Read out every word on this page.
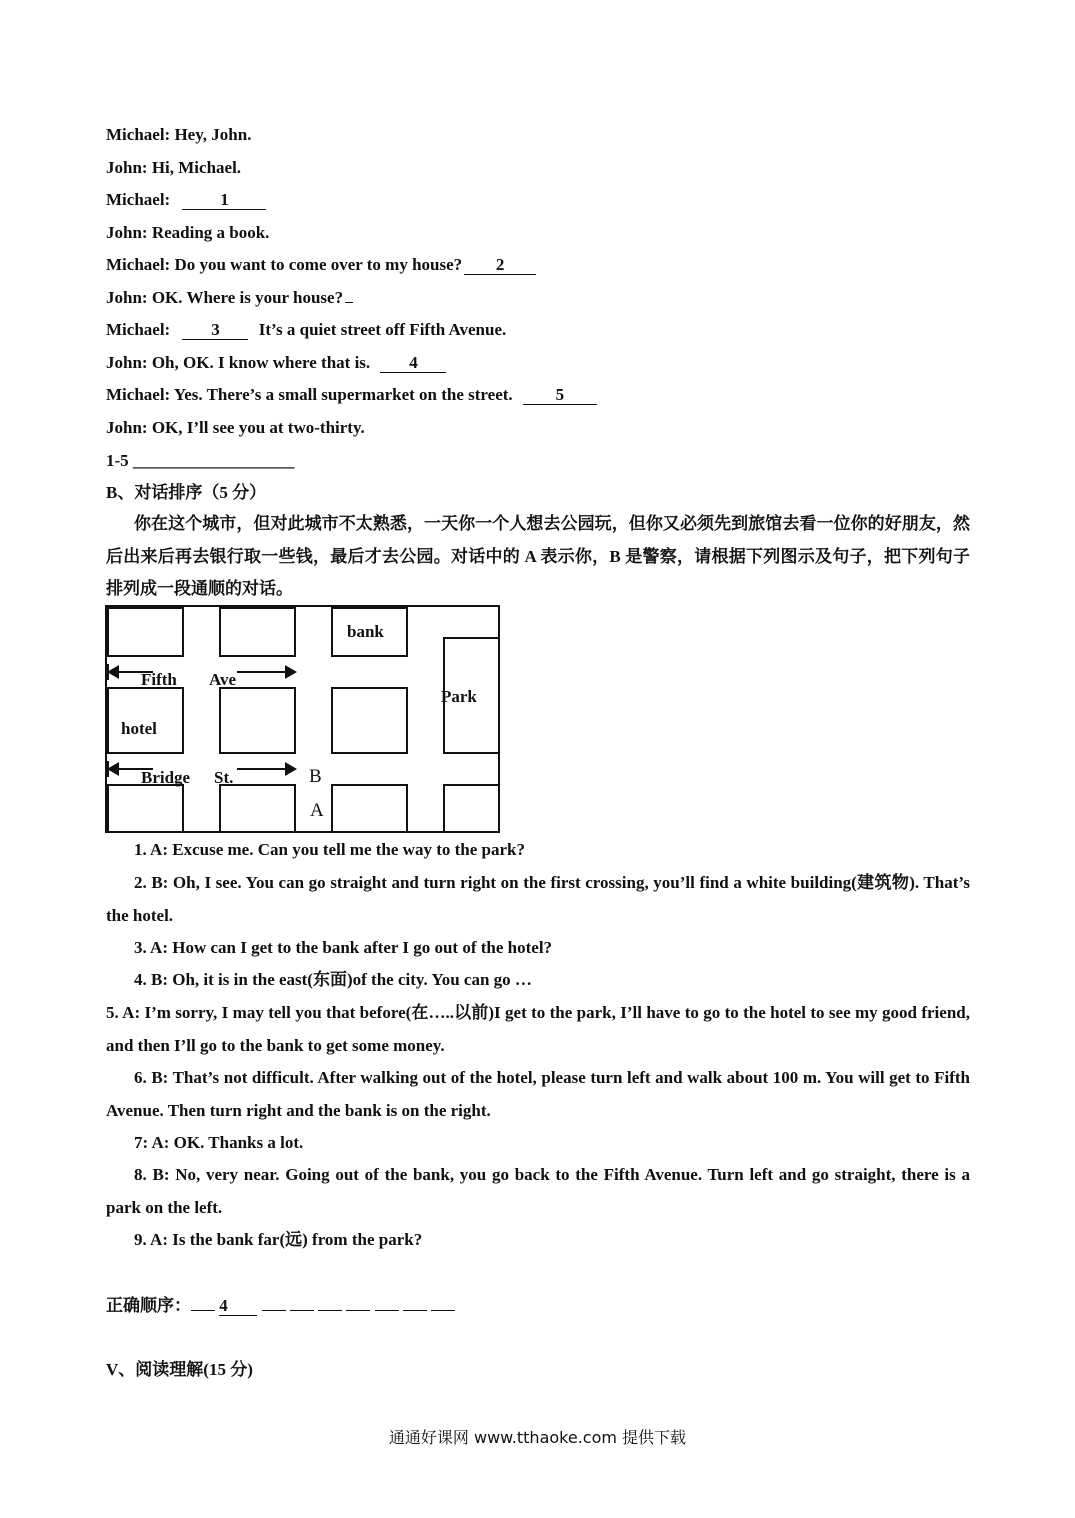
Michael: Hey, John.
John: Hi, Michael.
Michael:	1
John: Reading a book.
Michael: Do you want to come over to my house? 2
John: OK. Where is your house?
Michael: 3 It’s a quiet street off Fifth Avenue.
John: Oh, OK. I know where that is. 4
Michael: Yes. There’s a small supermarket on the street.	5
John: OK, I’ll see you at two-thirty.
1-5 ___________________
B、对话排序（5 分）
你在这个城市，但对此城市不太熟悉，一天你一个人想去公园玩，但你又必须先到旅馆去看一位你的好朋友，然后出来后再去银行取一些钱，最后才去公园。对话中的 A 表示你，B 是警察，请根据下列图示及句子，把下列句子排列成一段通顺的对话。
bank
Park
hotel
Fifth Ave
Bridge St.	B
A
1. A: Excuse me. Can you tell me the way to the park?
2. B: Oh, I see. You can go straight and turn right on the first crossing, you’ll find a white building(建筑物). That’s the hotel.
3. A: How can I get to the bank after I go out of the hotel?
4. B: Oh, it is in the east(东面)of the city. You can go …
5. A: I’m sorry, I may tell you that before(在…..以前)I get to the park, I’ll have to go to the hotel to see my good friend, and then I’ll go to the bank to get some money.
6. B: That’s not difficult. After walking out of the hotel, please turn left and walk about 100 m. You will get to Fifth Avenue. Then turn right and the bank is on the right.
7: A: OK. Thanks a lot.
8. B: No, very near. Going out of the bank, you go back to the Fifth Avenue. Turn left and go straight, there is a park on the left.
9. A: Is the bank far(远) from the park?
正确顺序： 4
V、阅读理解(15 分)
通通好课网 www.tthaoke.com 提供下载
